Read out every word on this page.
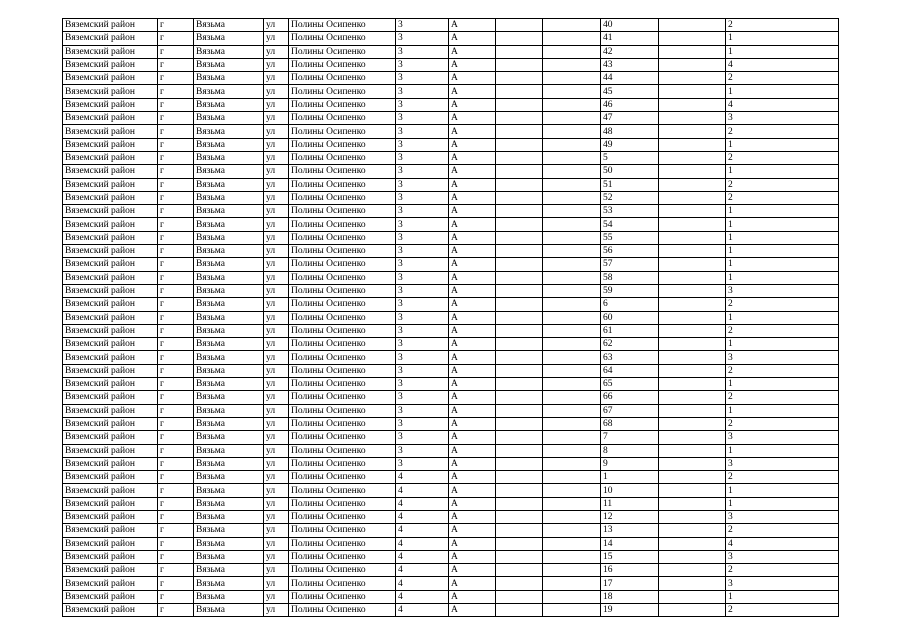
Вяземский район	г	Вязьма	ул	Полины Осипенко	3	А			40		2
Вяземский район	г	Вязьма	ул	Полины Осипенко	3	А			41		1
Вяземский район	г	Вязьма	ул	Полины Осипенко	3	А			42		1
Вяземский район	г	Вязьма	ул	Полины Осипенко	3	А			43		4
Вяземский район	г	Вязьма	ул	Полины Осипенко	3	А			44		2
Вяземский район	г	Вязьма	ул	Полины Осипенко	3	А			45		1
Вяземский район	г	Вязьма	ул	Полины Осипенко	3	А			46		4
Вяземский район	г	Вязьма	ул	Полины Осипенко	3	А			47		3
Вяземский район	г	Вязьма	ул	Полины Осипенко	3	А			48		2
Вяземский район	г	Вязьма	ул	Полины Осипенко	3	А			49		1
Вяземский район	г	Вязьма	ул	Полины Осипенко	3	А			5		2
Вяземский район	г	Вязьма	ул	Полины Осипенко	3	А			50		1
Вяземский район	г	Вязьма	ул	Полины Осипенко	3	А			51		2
Вяземский район	г	Вязьма	ул	Полины Осипенко	3	А			52		2
Вяземский район	г	Вязьма	ул	Полины Осипенко	3	А			53		1
Вяземский район	г	Вязьма	ул	Полины Осипенко	3	А			54		1
Вяземский район	г	Вязьма	ул	Полины Осипенко	3	А			55		1
Вяземский район	г	Вязьма	ул	Полины Осипенко	3	А			56		1
Вяземский район	г	Вязьма	ул	Полины Осипенко	3	А			57		1
Вяземский район	г	Вязьма	ул	Полины Осипенко	3	А			58		1
Вяземский район	г	Вязьма	ул	Полины Осипенко	3	А			59		3
Вяземский район	г	Вязьма	ул	Полины Осипенко	3	А			6		2
Вяземский район	г	Вязьма	ул	Полины Осипенко	3	А			60		1
Вяземский район	г	Вязьма	ул	Полины Осипенко	3	А			61		2
Вяземский район	г	Вязьма	ул	Полины Осипенко	3	А			62		1
Вяземский район	г	Вязьма	ул	Полины Осипенко	3	А			63		3
Вяземский район	г	Вязьма	ул	Полины Осипенко	3	А			64		2
Вяземский район	г	Вязьма	ул	Полины Осипенко	3	А			65		1
Вяземский район	г	Вязьма	ул	Полины Осипенко	3	А			66		2
Вяземский район	г	Вязьма	ул	Полины Осипенко	3	А			67		1
Вяземский район	г	Вязьма	ул	Полины Осипенко	3	А			68		2
Вяземский район	г	Вязьма	ул	Полины Осипенко	3	А			7		3
Вяземский район	г	Вязьма	ул	Полины Осипенко	3	А			8		1
Вяземский район	г	Вязьма	ул	Полины Осипенко	3	А			9		3
Вяземский район	г	Вязьма	ул	Полины Осипенко	4	А			1		2
Вяземский район	г	Вязьма	ул	Полины Осипенко	4	А			10		1
Вяземский район	г	Вязьма	ул	Полины Осипенко	4	А			11		1
Вяземский район	г	Вязьма	ул	Полины Осипенко	4	А			12		3
Вяземский район	г	Вязьма	ул	Полины Осипенко	4	А			13		2
Вяземский район	г	Вязьма	ул	Полины Осипенко	4	А			14		4
Вяземский район	г	Вязьма	ул	Полины Осипенко	4	А			15		3
Вяземский район	г	Вязьма	ул	Полины Осипенко	4	А			16		2
Вяземский район	г	Вязьма	ул	Полины Осипенко	4	А			17		3
Вяземский район	г	Вязьма	ул	Полины Осипенко	4	А			18		1
Вяземский район	г	Вязьма	ул	Полины Осипенко	4	А			19		2
